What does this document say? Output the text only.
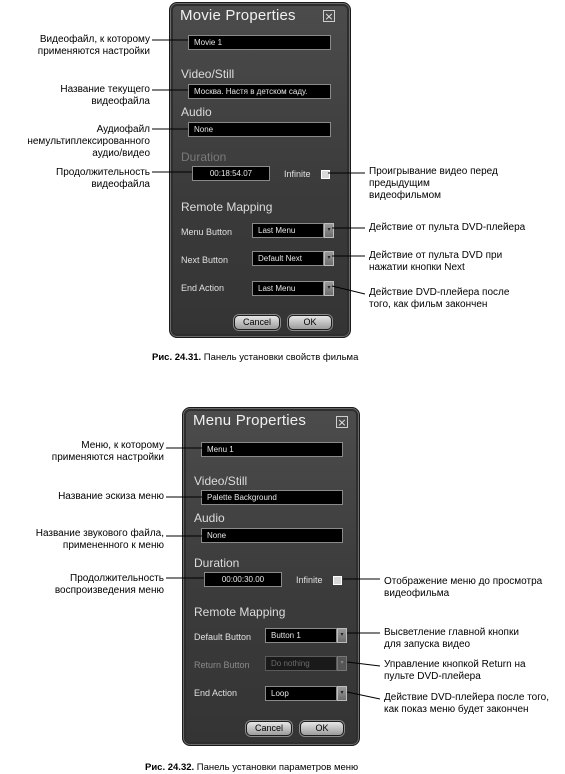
Movie Properties	×
Movie 1
Video/Still
Москва. Настя в детском саду.
Audio
None
Duration
00:18:54.07	Infinite
Remote Mapping
Menu Button	Last Menu	▾
Next Button	Default Next	▾
End Action	Last Menu	▾
Cancel	OK
Видеофайл, к которому применяются настройки
Название текущего видеофайла
Аудиофайл немультиплексированного аудио/видео
Продолжительность видеофайла
Проигрывание видео перед предыдущим видеофильмом
Действие от пульта DVD-плейера
Действие от пульта DVD при нажатии кнопки Next
Действие DVD-плейера после того, как фильм закончен
Рис. 24.31. Панель установки свойств фильма
Menu Properties	×
Menu 1
Video/Still
Palette Background
Audio
None
Duration
00:00:30.00	Infinite
Remote Mapping
Default Button	Button 1	▾
Return Button	Do nothing	▾
End Action	Loop	▾
Cancel	OK
Меню, к которому применяются настройки
Название эскиза меню
Название звукового файла, примененного к меню
Продолжительность воспроизведения меню
Отображение меню до просмотра видеофильма
Высветление главной кнопки для запуска видео
Управление кнопкой Return на пульте DVD-плейера
Действие DVD-плейера после того, как показ меню будет закончен
Рис. 24.32. Панель установки параметров меню
